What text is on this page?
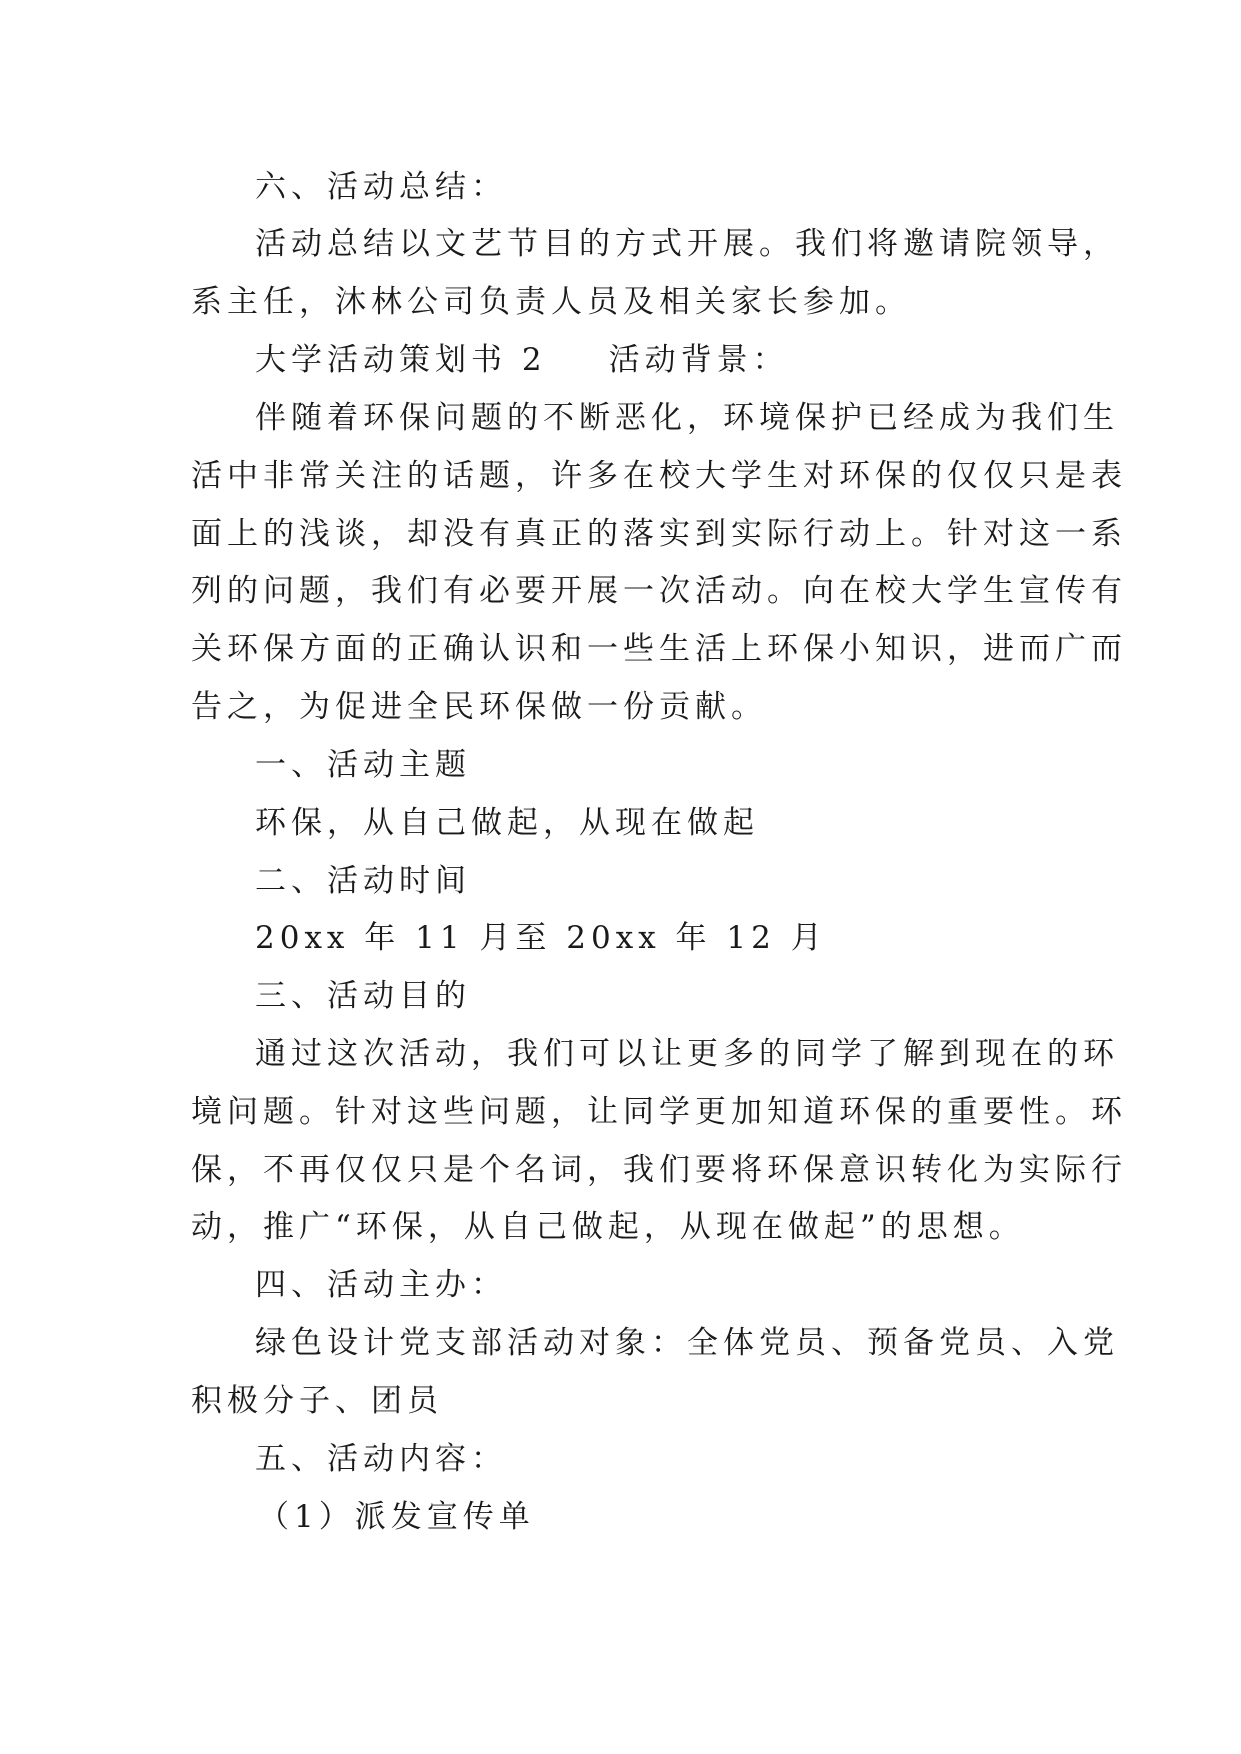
六、活动总结：
活动总结以文艺节目的方式开展。我们将邀请院领导，
系主任，沐林公司负责人员及相关家长参加。
大学活动策划书 2 活动背景：
伴随着环保问题的不断恶化，环境保护已经成为我们生
活中非常关注的话题，许多在校大学生对环保的仅仅只是表
面上的浅谈，却没有真正的落实到实际行动上。针对这一系
列的问题，我们有必要开展一次活动。向在校大学生宣传有
关环保方面的正确认识和一些生活上环保小知识，进而广而
告之，为促进全民环保做一份贡献。
一、活动主题
环保，从自己做起，从现在做起
二、活动时间
20xx 年 11 月至 20xx 年 12 月
三、活动目的
通过这次活动，我们可以让更多的同学了解到现在的环
境问题。针对这些问题，让同学更加知道环保的重要性。环
保，不再仅仅只是个名词，我们要将环保意识转化为实际行
动，推广“环保，从自己做起，从现在做起”的思想。
四、活动主办：
绿色设计党支部活动对象：全体党员、预备党员、入党
积极分子、团员
五、活动内容：
（1）派发宣传单
